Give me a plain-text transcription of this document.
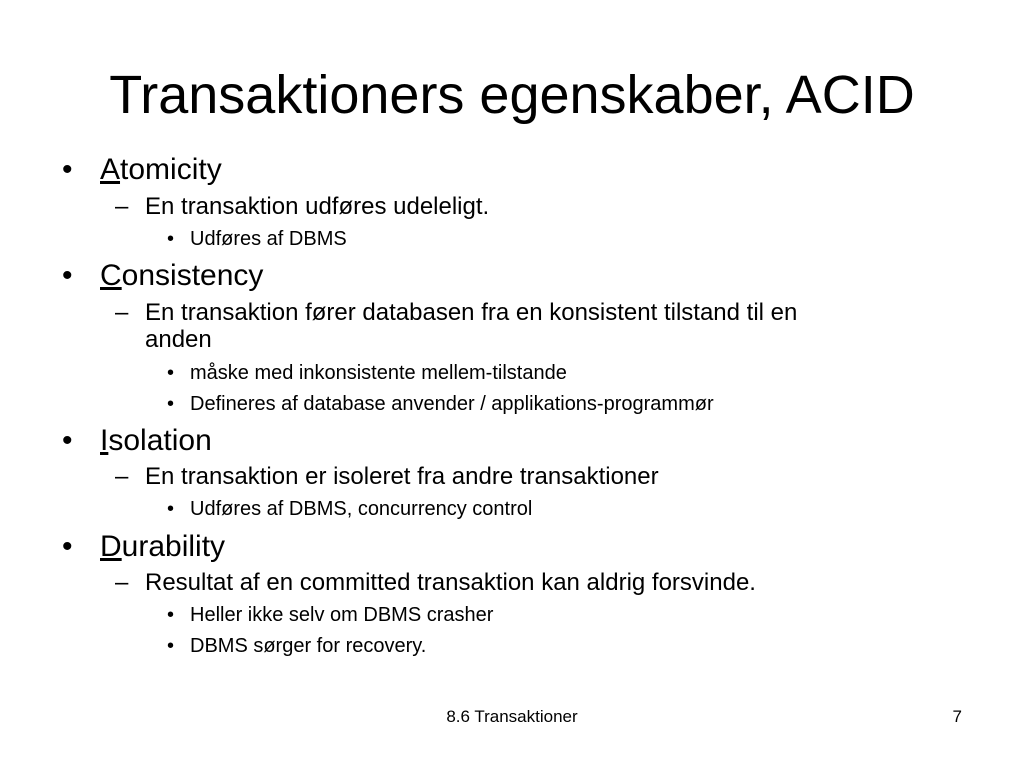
Transaktioners egenskaber, ACID
• Atomicity
– En transaktion udføres udeleligt.
• Udføres af DBMS
• Consistency
– En transaktion fører databasen fra en konsistent tilstand til en
anden
• måske med inkonsistente mellem-tilstande
• Defineres af database anvender / applikations-programmør
• Isolation
– En transaktion er isoleret fra andre transaktioner
• Udføres af DBMS, concurrency control
• Durability
– Resultat af en committed transaktion kan aldrig forsvinde.
• Heller ikke selv om DBMS crasher
• DBMS sørger for recovery.
8.6 Transaktioner	7
